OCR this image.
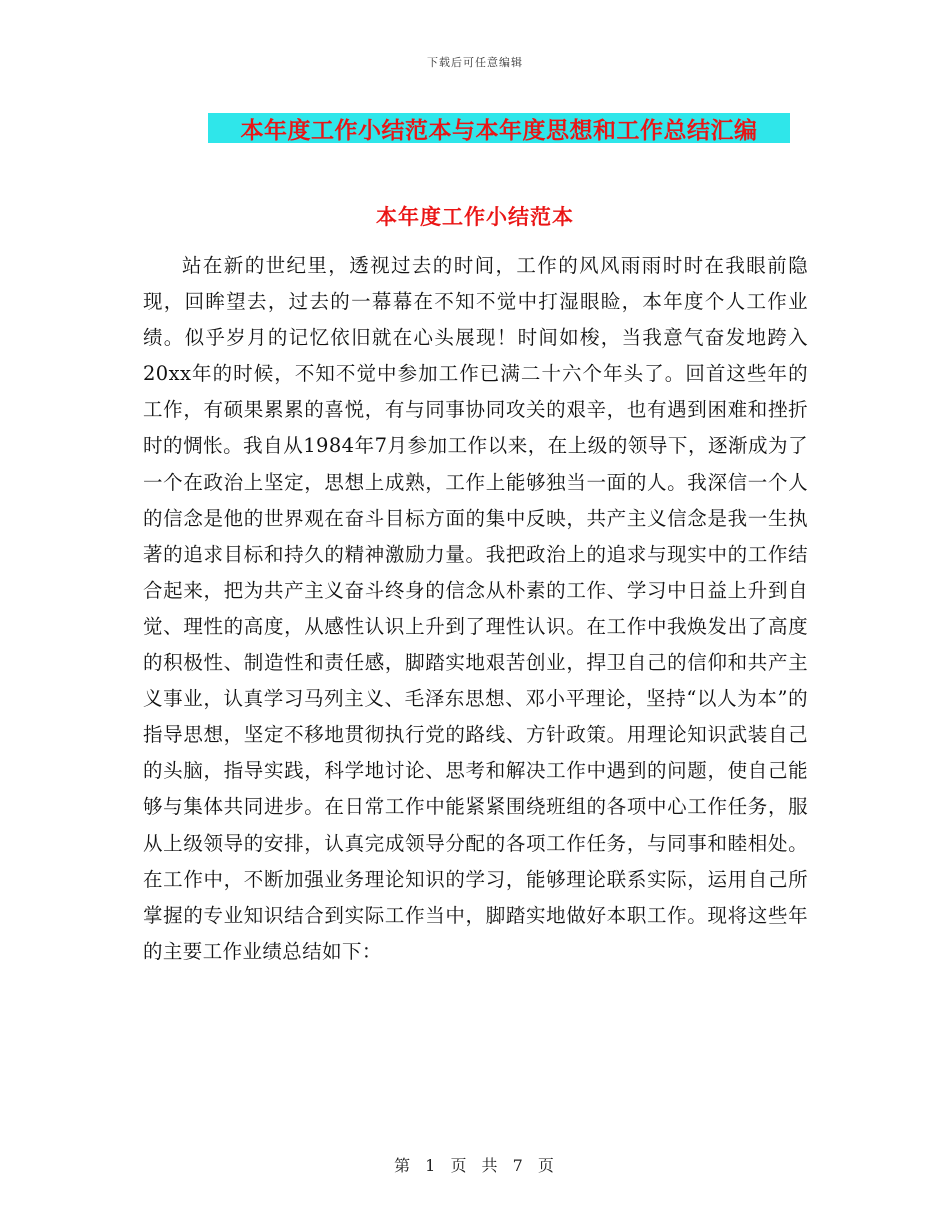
下载后可任意编辑
本年度工作小结范本与本年度思想和工作总结汇编
本年度工作小结范本

站在新的世纪里，透视过去的时间，工作的风风雨雨时时在我眼前隐现，回眸望去，过去的一幕幕在不知不觉中打湿眼睑，本年度个人工作业绩。似乎岁月的记忆依旧就在心头展现！时间如梭，当我意气奋发地跨入20xx年的时候，不知不觉中参加工作已满二十六个年头了。回首这些年的工作，有硕果累累的喜悦，有与同事协同攻关的艰辛，也有遇到困难和挫折时的惆怅。我自从1984年7月参加工作以来，在上级的领导下，逐渐成为了一个在政治上坚定，思想上成熟，工作上能够独当一面的人。我深信一个人的信念是他的世界观在奋斗目标方面的集中反映，共产主义信念是我一生执著的追求目标和持久的精神激励力量。我把政治上的追求与现实中的工作结合起来，把为共产主义奋斗终身的信念从朴素的工作、学习中日益上升到自觉、理性的高度，从感性认识上升到了理性认识。在工作中我焕发出了高度的积极性、制造性和责任感，脚踏实地艰苦创业，捍卫自己的信仰和共产主义事业，认真学习马列主义、毛泽东思想、邓小平理论，坚持“以人为本”的指导思想，坚定不移地贯彻执行党的路线、方针政策。用理论知识武装自己的头脑，指导实践，科学地讨论、思考和解决工作中遇到的问题，使自己能够与集体共同进步。在日常工作中能紧紧围绕班组的各项中心工作任务，服从上级领导的安排，认真完成领导分配的各项工作任务，与同事和睦相处。在工作中，不断加强业务理论知识的学习，能够理论联系实际，运用自己所掌握的专业知识结合到实际工作当中，脚踏实地做好本职工作。现将这些年的主要工作业绩总结如下：

第 1 页 共 7 页
